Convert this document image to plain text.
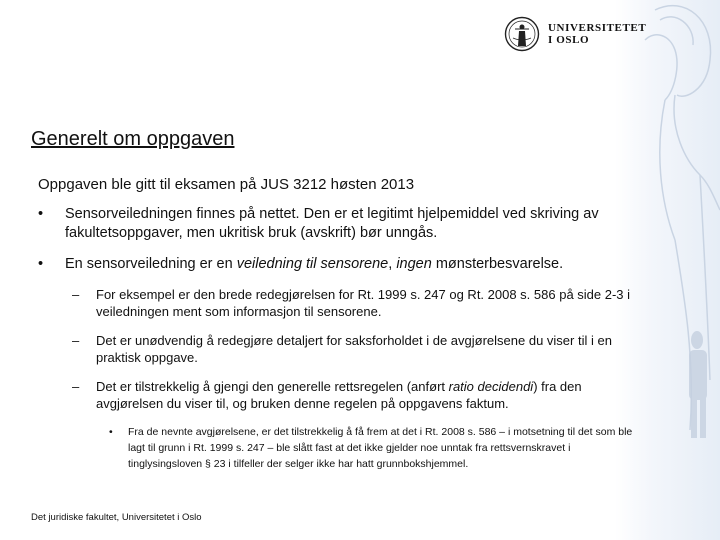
UNIVERSITETET
I OSLO
Generelt om oppgaven

Oppgaven ble gitt til eksamen på JUS 3212 høsten 2013

• Sensorveiledningen finnes på nettet. Den er et legitimt hjelpemiddel ved skriving av fakultetsoppgaver, men ukritisk bruk (avskrift) bør unngås.
• En sensorveiledning er en veiledning til sensorene, ingen mønsterbesvarelse.
– For eksempel er den brede redegjørelsen for Rt. 1999 s. 247 og Rt. 2008 s. 586 på side 2-3 i veiledningen ment som informasjon til sensorene.
– Det er unødvendig å redegjøre detaljert for saksforholdet i de avgjørelsene du viser til i en praktisk oppgave.
– Det er tilstrekkelig å gjengi den generelle rettsregelen (anført ratio decidendi) fra den avgjørelsen du viser til, og bruken denne regelen på oppgavens faktum.
• Fra de nevnte avgjørelsene, er det tilstrekkelig å få frem at det i Rt. 2008 s. 586 – i motsetning til det som ble lagt til grunn i Rt. 1999 s. 247 – ble slått fast at det ikke gjelder noe unntak fra rettsvernskravet i tinglysingsloven § 23 i tilfeller der selger ikke har hatt grunnbokshjemmel.
Det juridiske fakultet, Universitetet i Oslo
